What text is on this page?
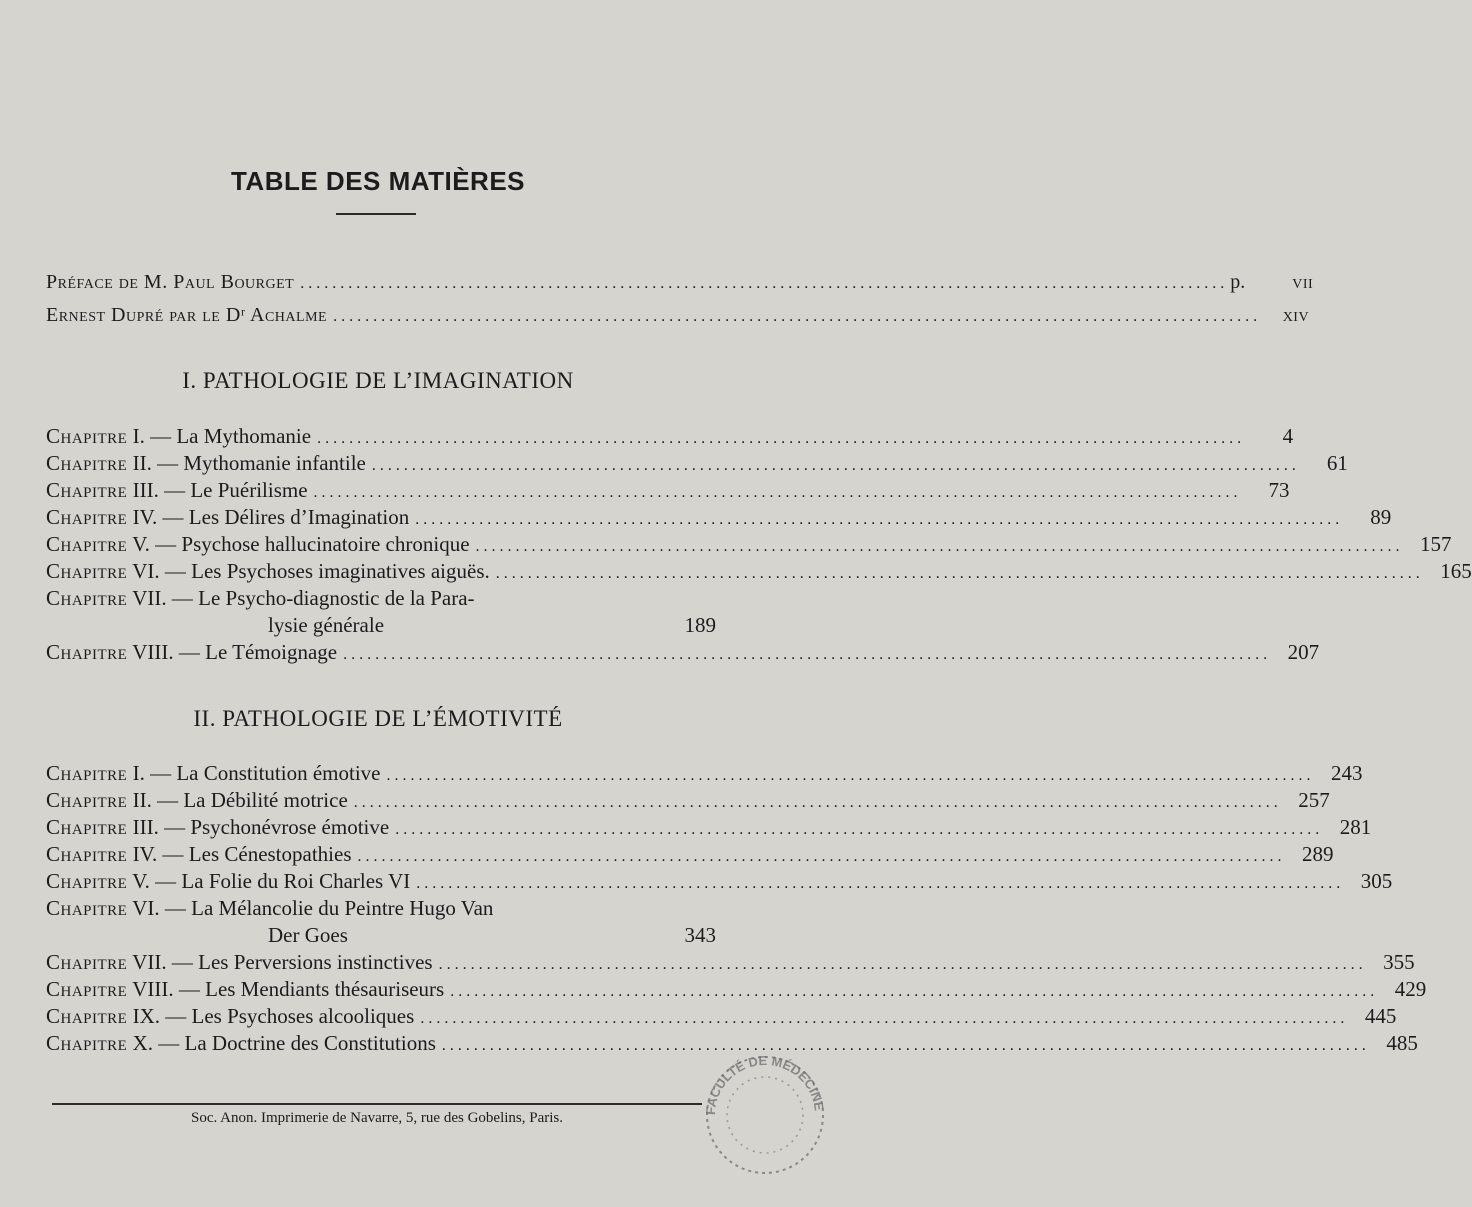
TABLE DES MATIÈRES
Préface de M. Paul Bourget . . .	p.	vii
Ernest Dupré par le Dʳ Achalme . . .	xiv
I. PATHOLOGIE DE L’IMAGINATION
Chapitre I. — La Mythomanie . . .	4
Chapitre II. — Mythomanie infantile . . .	61
Chapitre III. — Le Puérilisme . . .	73
Chapitre IV. — Les Délires d’Imagination . . .	89
Chapitre V. — Psychose hallucinatoire chronique . . .	157
Chapitre VI. — Les Psychoses imaginatives aiguës. . . .	165
Chapitre VII. — Le Psycho-diagnostic de la Para-
lysie générale	189
Chapitre VIII. — Le Témoignage . . .	207
II. PATHOLOGIE DE L’ÉMOTIVITÉ
Chapitre I. — La Constitution émotive . . .	243
Chapitre II. — La Débilité motrice . . .	257
Chapitre III. — Psychonévrose émotive . . .	281
Chapitre IV. — Les Cénestopathies . . .	289
Chapitre V. — La Folie du Roi Charles VI . . .	305
Chapitre VI. — La Mélancolie du Peintre Hugo Van
Der Goes	343
Chapitre VII. — Les Perversions instinctives . . .	355
Chapitre VIII. — Les Mendiants thésauriseurs . . .	429
Chapitre IX. — Les Psychoses alcooliques . . .	445
Chapitre X. — La Doctrine des Constitutions . . .	485
Soc. Anon. Imprimerie de Navarre, 5, rue des Gobelins, Paris.	FACULTÉ DE MÉDECINE
